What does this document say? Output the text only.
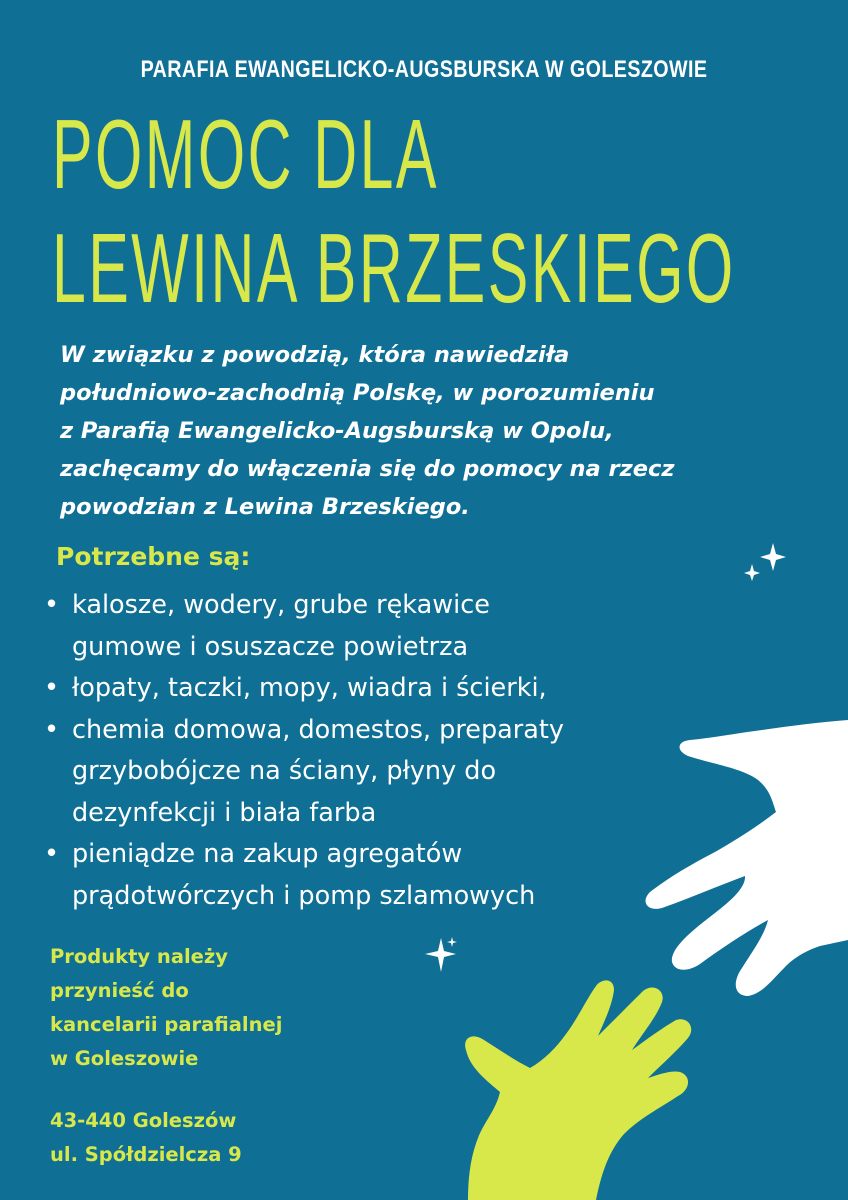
PARAFIA EWANGELICKO-AUGSBURSKA W GOLESZOWIE
POMOC DLA
LEWINA BRZESKIEGO
W związku z powodzią, która nawiedziła
południowo-zachodnią Polskę, w porozumieniu
z Parafią Ewangelicko-Augsburską w Opolu,
zachęcamy do włączenia się do pomocy na rzecz
powodzian z Lewina Brzeskiego.
Potrzebne są:
• kalosze, wodery, grube rękawice
gumowe i osuszacze powietrza
• łopaty, taczki, mopy, wiadra i ścierki,
• chemia domowa, domestos, preparaty
grzybobójcze na ściany, płyny do
dezynfekcji i biała farba
• pieniądze na zakup agregatów
prądotwórczych i pomp szlamowych
Produkty należy
przynieść do
kancelarii parafialnej
w Goleszowie
43-440 Goleszów
ul. Spółdzielcza 9
